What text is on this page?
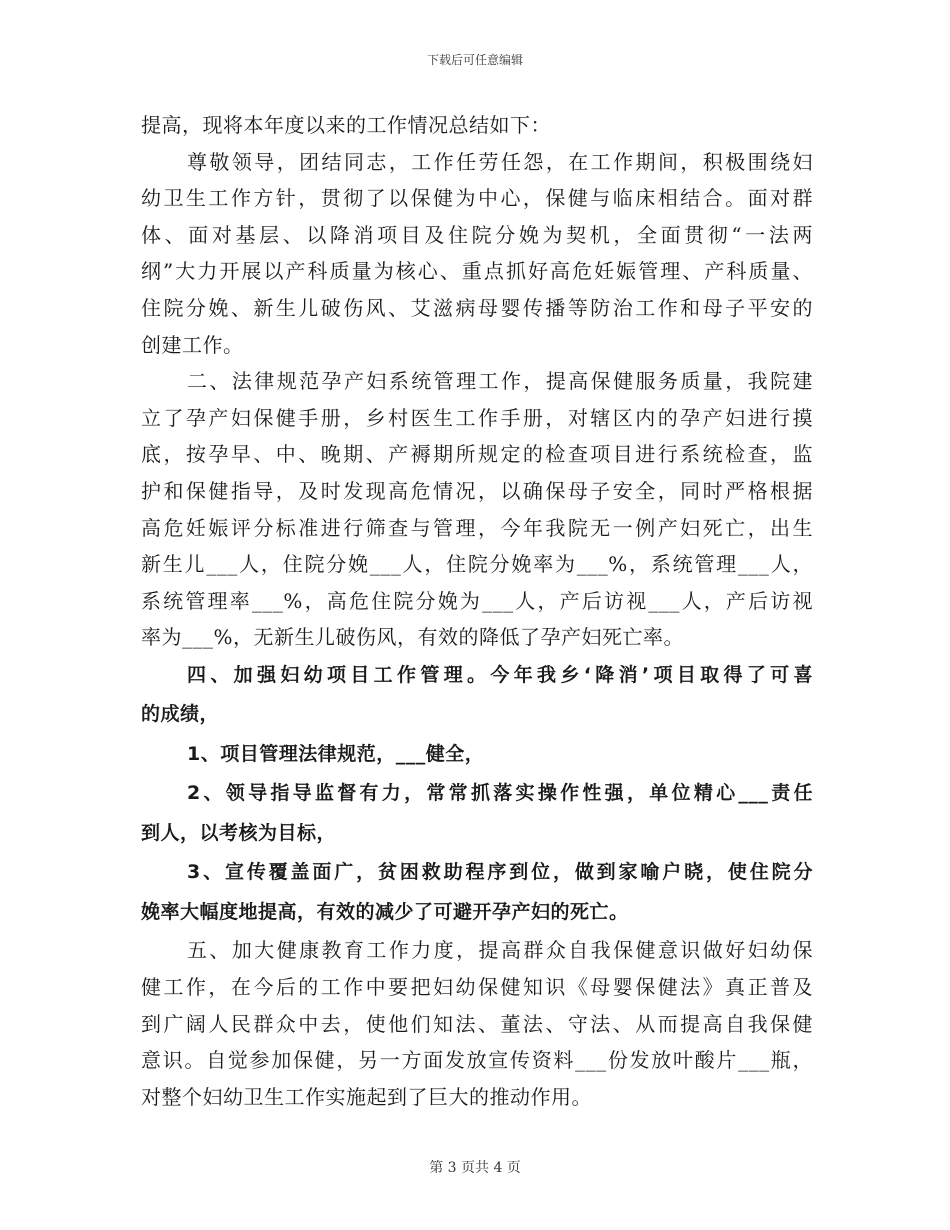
下载后可任意编辑
提高，现将本年度以来的工作情况总结如下：
尊敬领导，团结同志，工作任劳任怨，在工作期间，积极围绕妇
幼卫生工作方针，贯彻了以保健为中心，保健与临床相结合。面对群
体、面对基层、以降消项目及住院分娩为契机，全面贯彻“一法两
纲”大力开展以产科质量为核心、重点抓好高危妊娠管理、产科质量、
住院分娩、新生儿破伤风、艾滋病母婴传播等防治工作和母子平安的
创建工作。
二、法律规范孕产妇系统管理工作，提高保健服务质量，我院建
立了孕产妇保健手册，乡村医生工作手册，对辖区内的孕产妇进行摸
底，按孕早、中、晚期、产褥期所规定的检查项目进行系统检查，监
护和保健指导，及时发现高危情况，以确保母子安全，同时严格根据
高危妊娠评分标准进行筛查与管理，今年我院无一例产妇死亡，出生
新生儿___人，住院分娩___人，住院分娩率为___%，系统管理___人，
系统管理率___%，高危住院分娩为___人，产后访视___人，产后访视
率为___%，无新生儿破伤风，有效的降低了孕产妇死亡率。
四、加强妇幼项目工作管理。今年我乡‘降消’项目取得了可喜
的成绩，
1、项目管理法律规范，___健全，
2、领导指导监督有力，常常抓落实操作性强，单位精心___责任
到人，以考核为目标，
3、宣传覆盖面广，贫困救助程序到位，做到家喻户晓，使住院分
娩率大幅度地提高，有效的减少了可避开孕产妇的死亡。
五、加大健康教育工作力度，提高群众自我保健意识做好妇幼保
健工作，在今后的工作中要把妇幼保健知识《母婴保健法》真正普及
到广阔人民群众中去，使他们知法、董法、守法、从而提高自我保健
意识。自觉参加保健，另一方面发放宣传资料___份发放叶酸片___瓶，
对整个妇幼卫生工作实施起到了巨大的推动作用。
第 3 页共 4 页
